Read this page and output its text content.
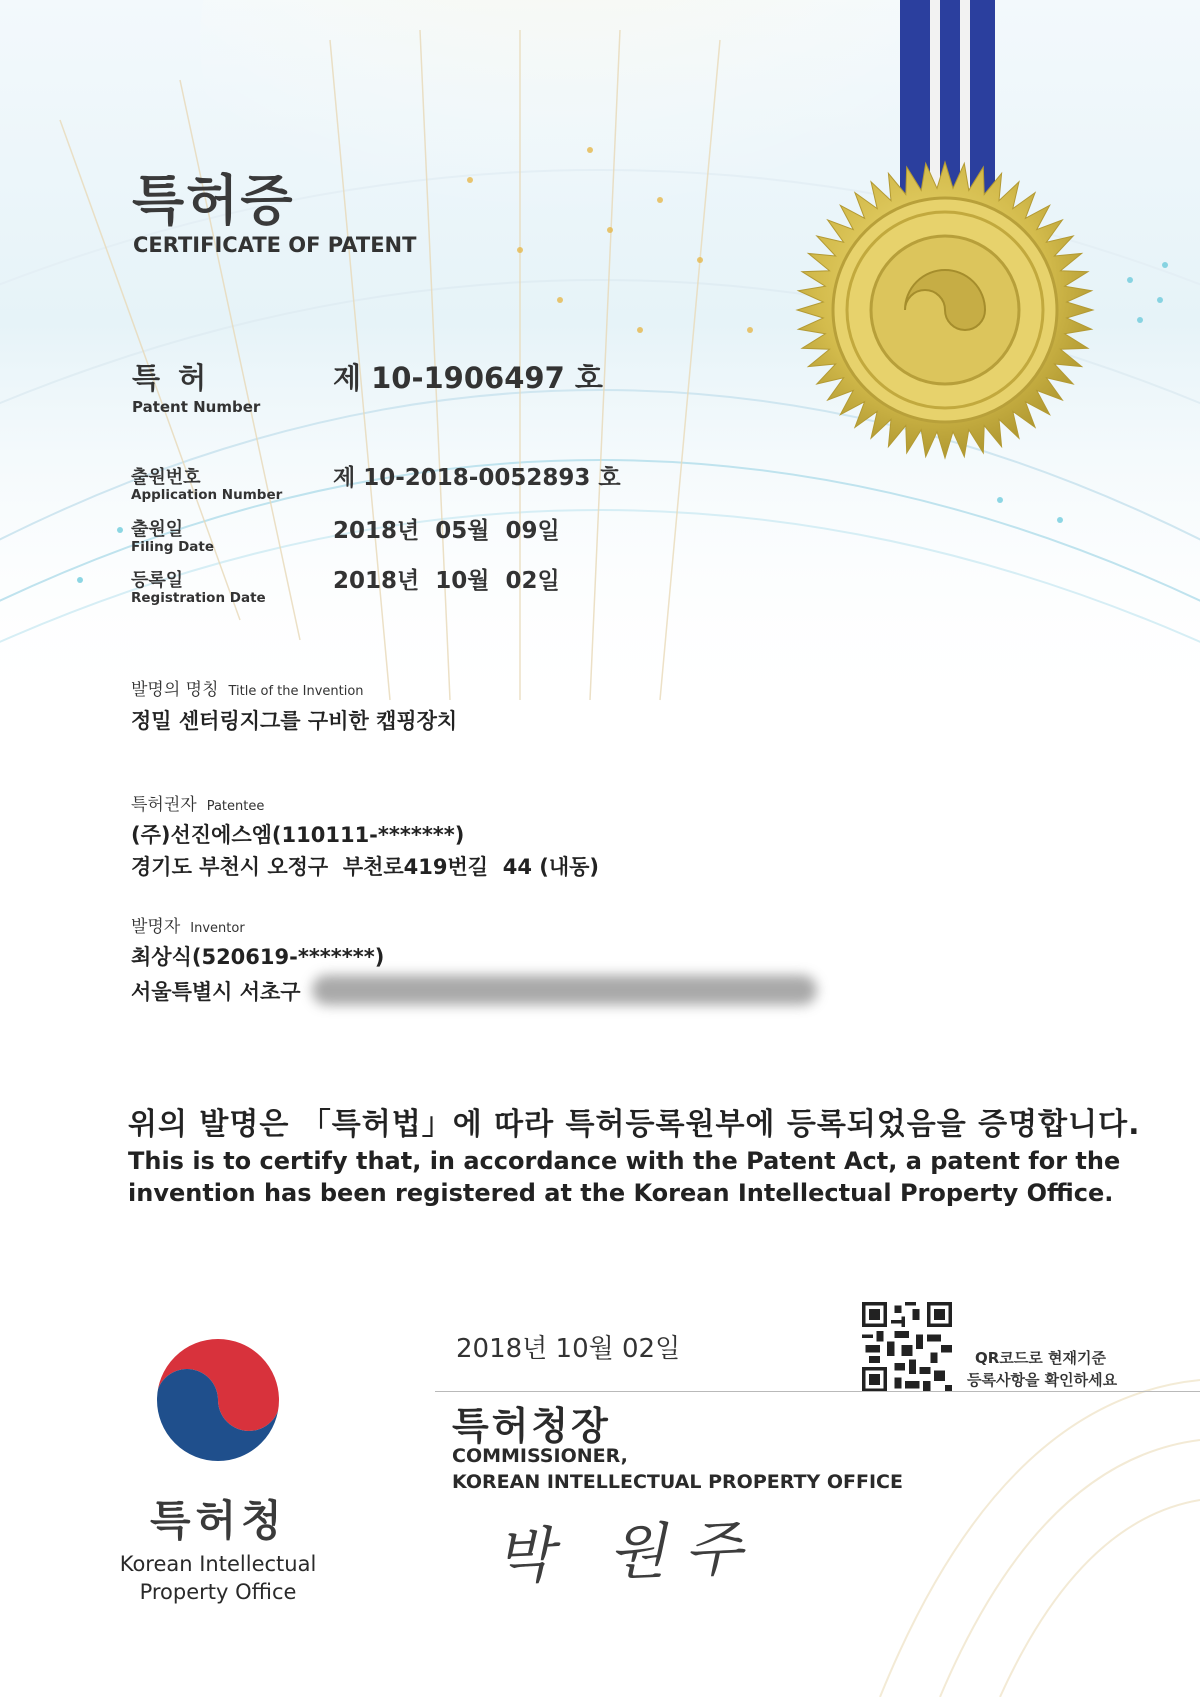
특허증
CERTIFICATE OF PATENT
특 허
Patent Number
제 10-1906497 호
출원번호
Application Number
제 10-2018-0052893 호
출원일
Filing Date
2018년  05월  09일
등록일
Registration Date
2018년  10월  02일
발명의 명칭 Title of the Invention
정밀 센터링지그를 구비한 캡핑장치
특허권자 Patentee
(주)선진에스엠(110111-*******)
경기도 부천시 오정구  부천로419번길  44 (내동)
발명자 Inventor
최상식(520619-*******)
서울특별시 서초구
위의 발명은 「특허법」에 따라 특허등록원부에 등록되었음을 증명합니다.
This is to certify that, in accordance with the Patent Act, a patent for the invention has been registered at the Korean Intellectual Property Office.
2018년 10월 02일	QR코드로 현재기준
등록사항을 확인하세요
특허청장
COMMISSIONER,
KOREAN INTELLECTUAL PROPERTY OFFICE
박 원주
특허청
Korean Intellectual
Property Office
